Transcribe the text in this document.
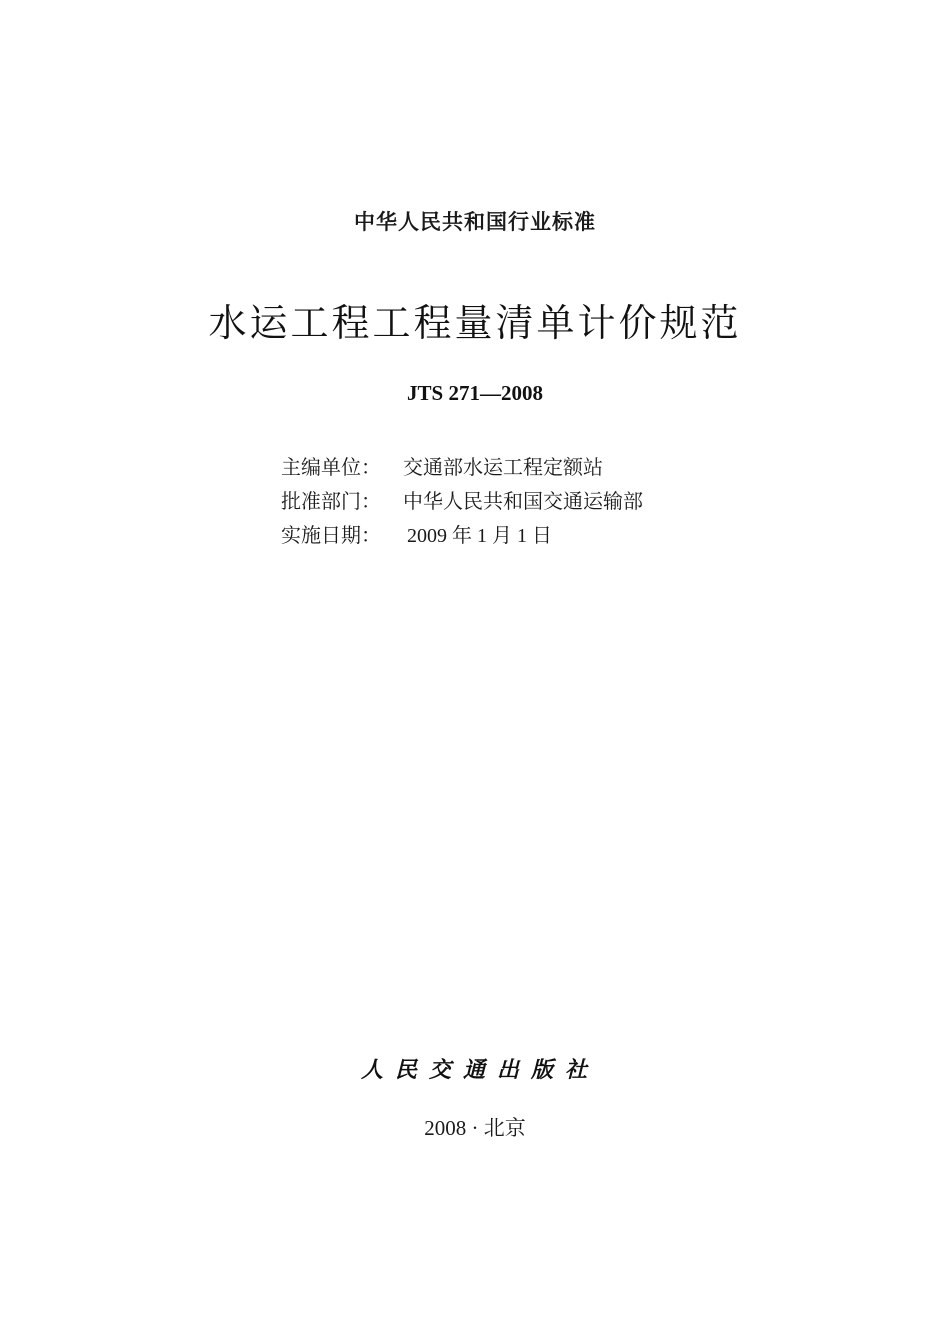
中华人民共和国行业标准
水运工程工程量清单计价规范
JTS 271—2008
主编单位： 交通部水运工程定额站
批准部门： 中华人民共和国交通运输部
实施日期： 2009 年 1 月 1 日
人民交通出版社
2008 · 北京
